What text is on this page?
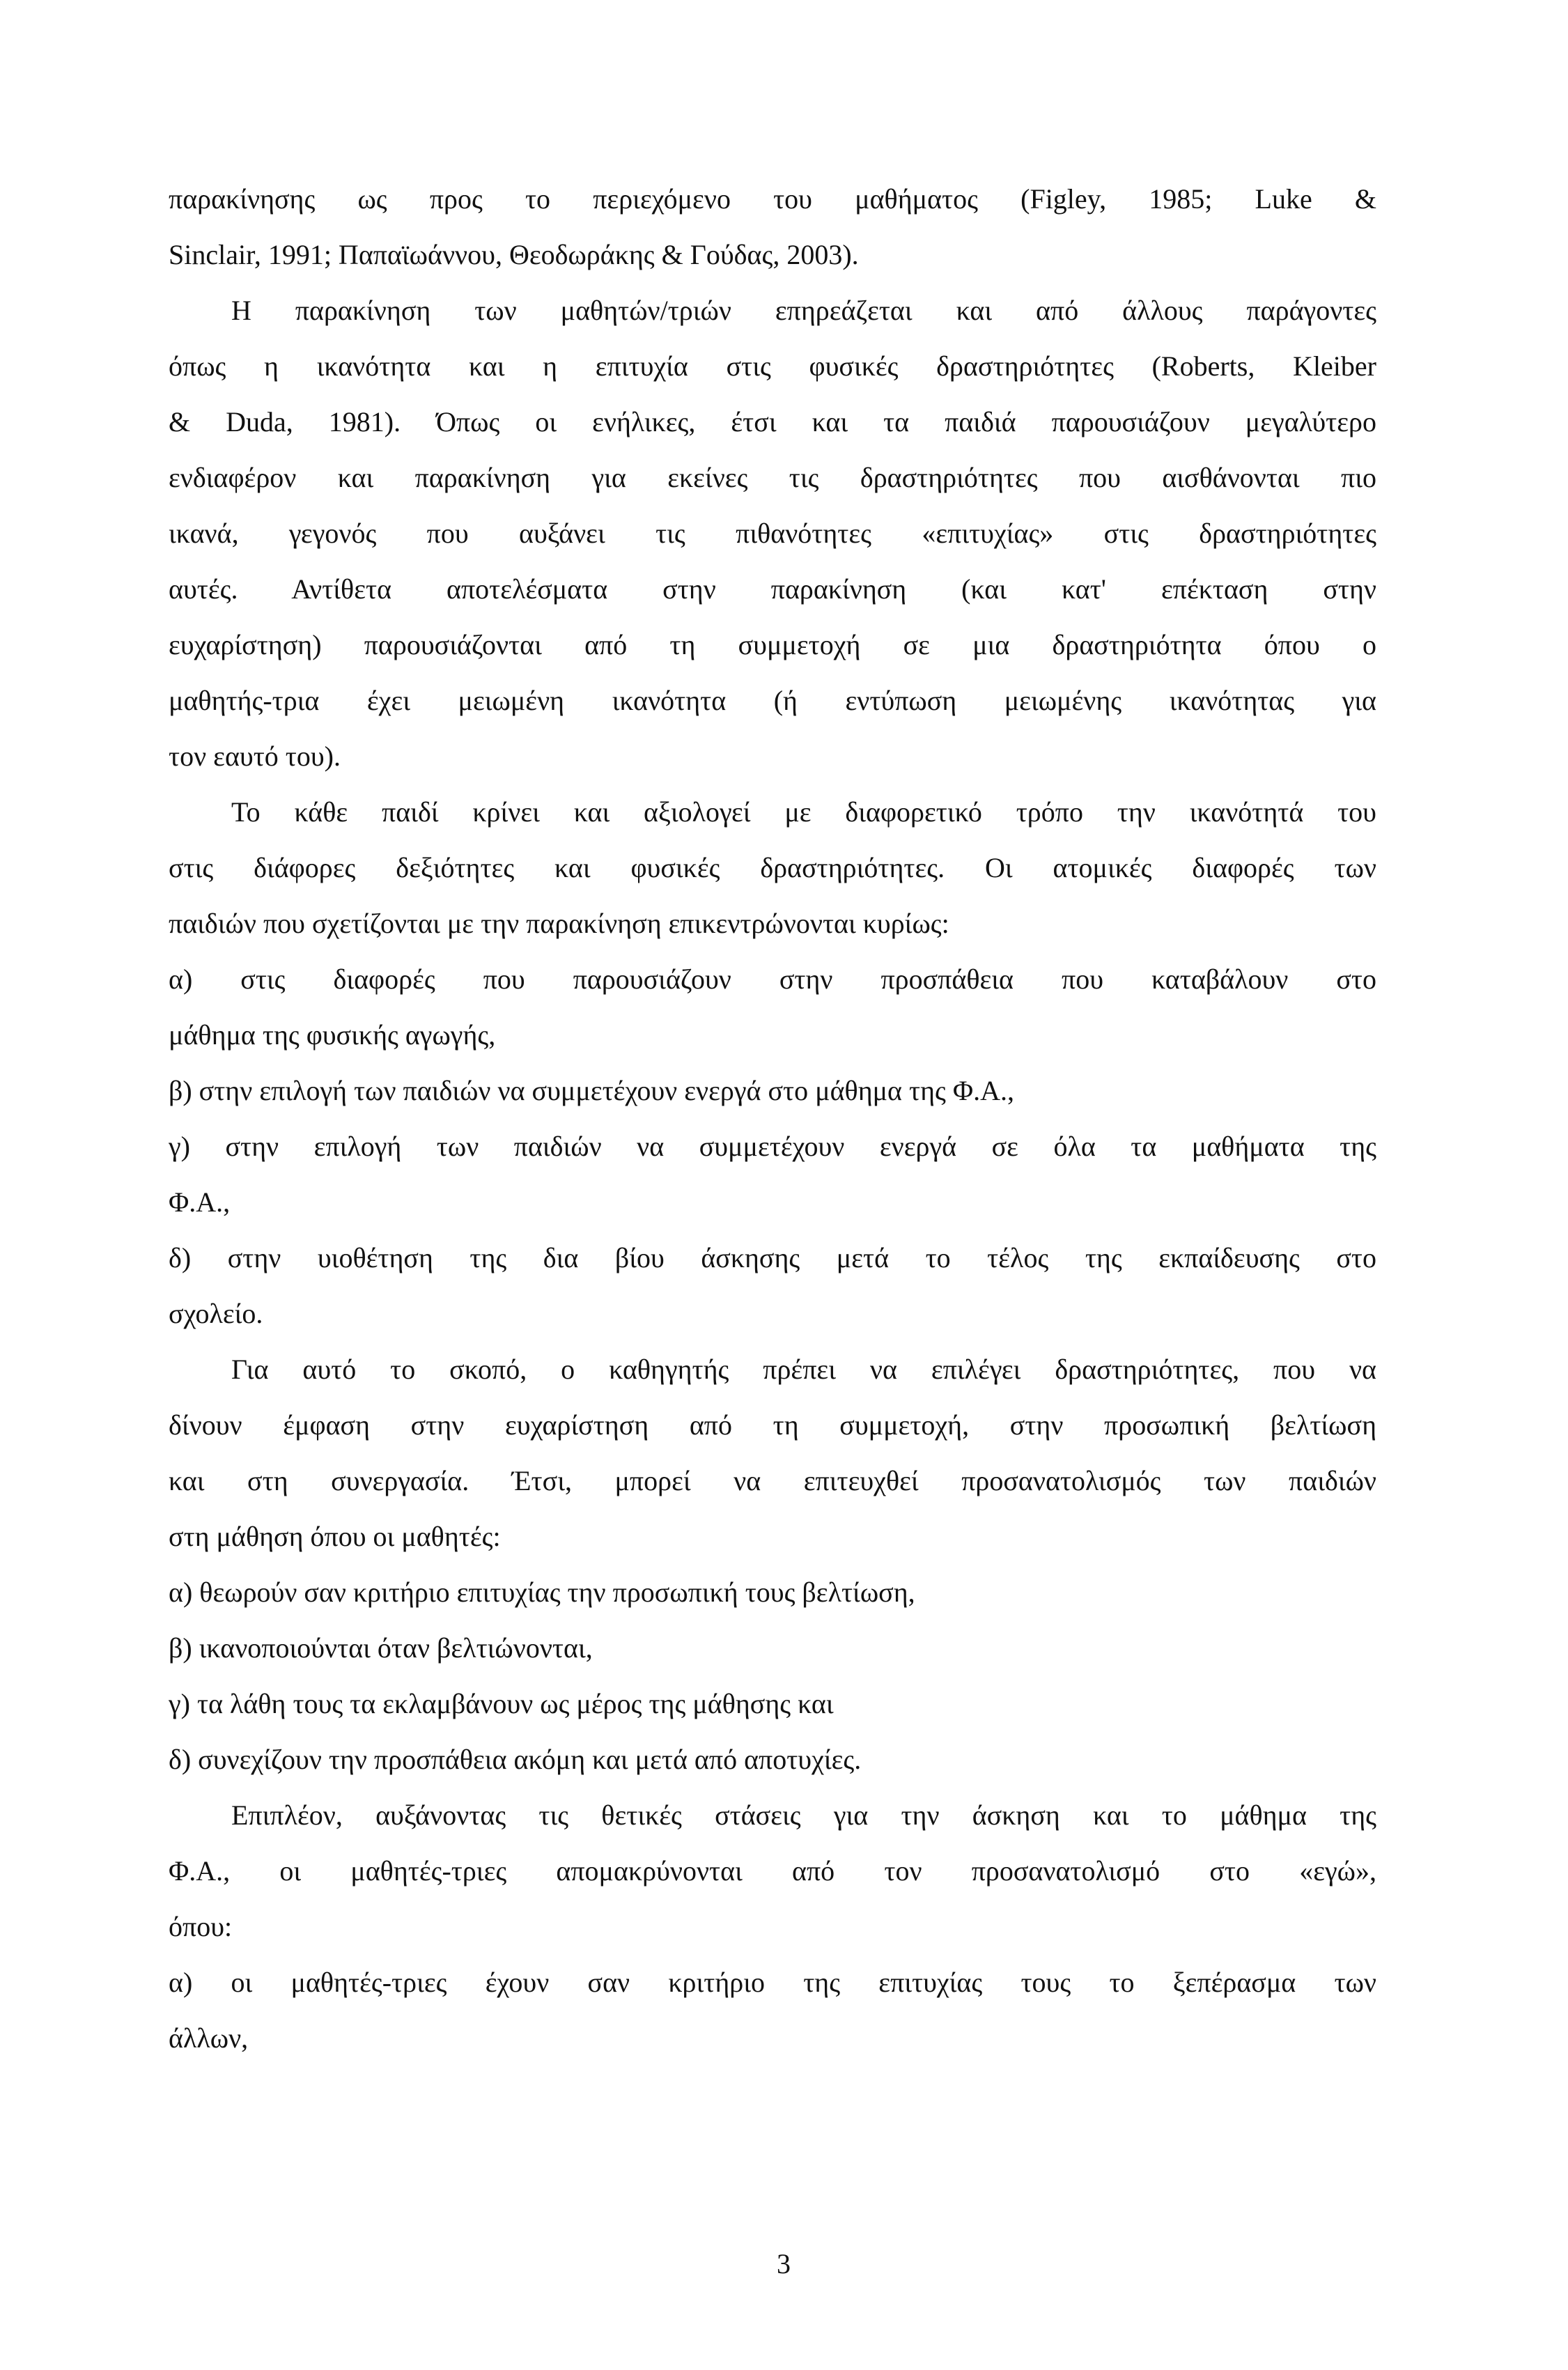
παρακίνησης ως προς το περιεχόμενο του μαθήματος (Figley, 1985; Luke &
Sinclair, 1991; Παπαϊωάννου, Θεοδωράκης & Γούδας, 2003).
Η παρακίνηση των μαθητών/τριών επηρεάζεται και από άλλους παράγοντες
όπως η ικανότητα και η επιτυχία στις φυσικές δραστηριότητες (Roberts, Kleiber
& Duda, 1981). Όπως οι ενήλικες, έτσι και τα παιδιά παρουσιάζουν μεγαλύτερο
ενδιαφέρον και παρακίνηση για εκείνες τις δραστηριότητες που αισθάνονται πιο
ικανά, γεγονός που αυξάνει τις πιθανότητες «επιτυχίας» στις δραστηριότητες
αυτές. Αντίθετα αποτελέσματα στην παρακίνηση (και κατ' επέκταση στην
ευχαρίστηση) παρουσιάζονται από τη συμμετοχή σε μια δραστηριότητα όπου ο
μαθητής-τρια έχει μειωμένη ικανότητα (ή εντύπωση μειωμένης ικανότητας για
τον εαυτό του).
Το κάθε παιδί κρίνει και αξιολογεί με διαφορετικό τρόπο την ικανότητά του
στις διάφορες δεξιότητες και φυσικές δραστηριότητες. Οι ατομικές διαφορές των
παιδιών που σχετίζονται με την παρακίνηση επικεντρώνονται κυρίως:
α) στις διαφορές που παρουσιάζουν στην προσπάθεια που καταβάλουν στο
μάθημα της φυσικής αγωγής,
β) στην επιλογή των παιδιών να συμμετέχουν ενεργά στο μάθημα της Φ.Α.,
γ) στην επιλογή των παιδιών να συμμετέχουν ενεργά σε όλα τα μαθήματα της
Φ.Α.,
δ) στην υιοθέτηση της δια βίου άσκησης μετά το τέλος της εκπαίδευσης στο
σχολείο.
Για αυτό το σκοπό, ο καθηγητής πρέπει να επιλέγει δραστηριότητες, που να
δίνουν έμφαση στην ευχαρίστηση από τη συμμετοχή, στην προσωπική βελτίωση
και στη συνεργασία. Έτσι, μπορεί να επιτευχθεί προσανατολισμός των παιδιών
στη μάθηση όπου οι μαθητές:
α) θεωρούν σαν κριτήριο επιτυχίας την προσωπική τους βελτίωση,
β) ικανοποιούνται όταν βελτιώνονται,
γ) τα λάθη τους τα εκλαμβάνουν ως μέρος της μάθησης και
δ) συνεχίζουν την προσπάθεια ακόμη και μετά από αποτυχίες.
Επιπλέον, αυξάνοντας τις θετικές στάσεις για την άσκηση και το μάθημα της
Φ.Α., οι μαθητές-τριες απομακρύνονται από τον προσανατολισμό στο «εγώ»,
όπου:
α) οι μαθητές-τριες έχουν σαν κριτήριο της επιτυχίας τους το ξεπέρασμα των
άλλων,
3
